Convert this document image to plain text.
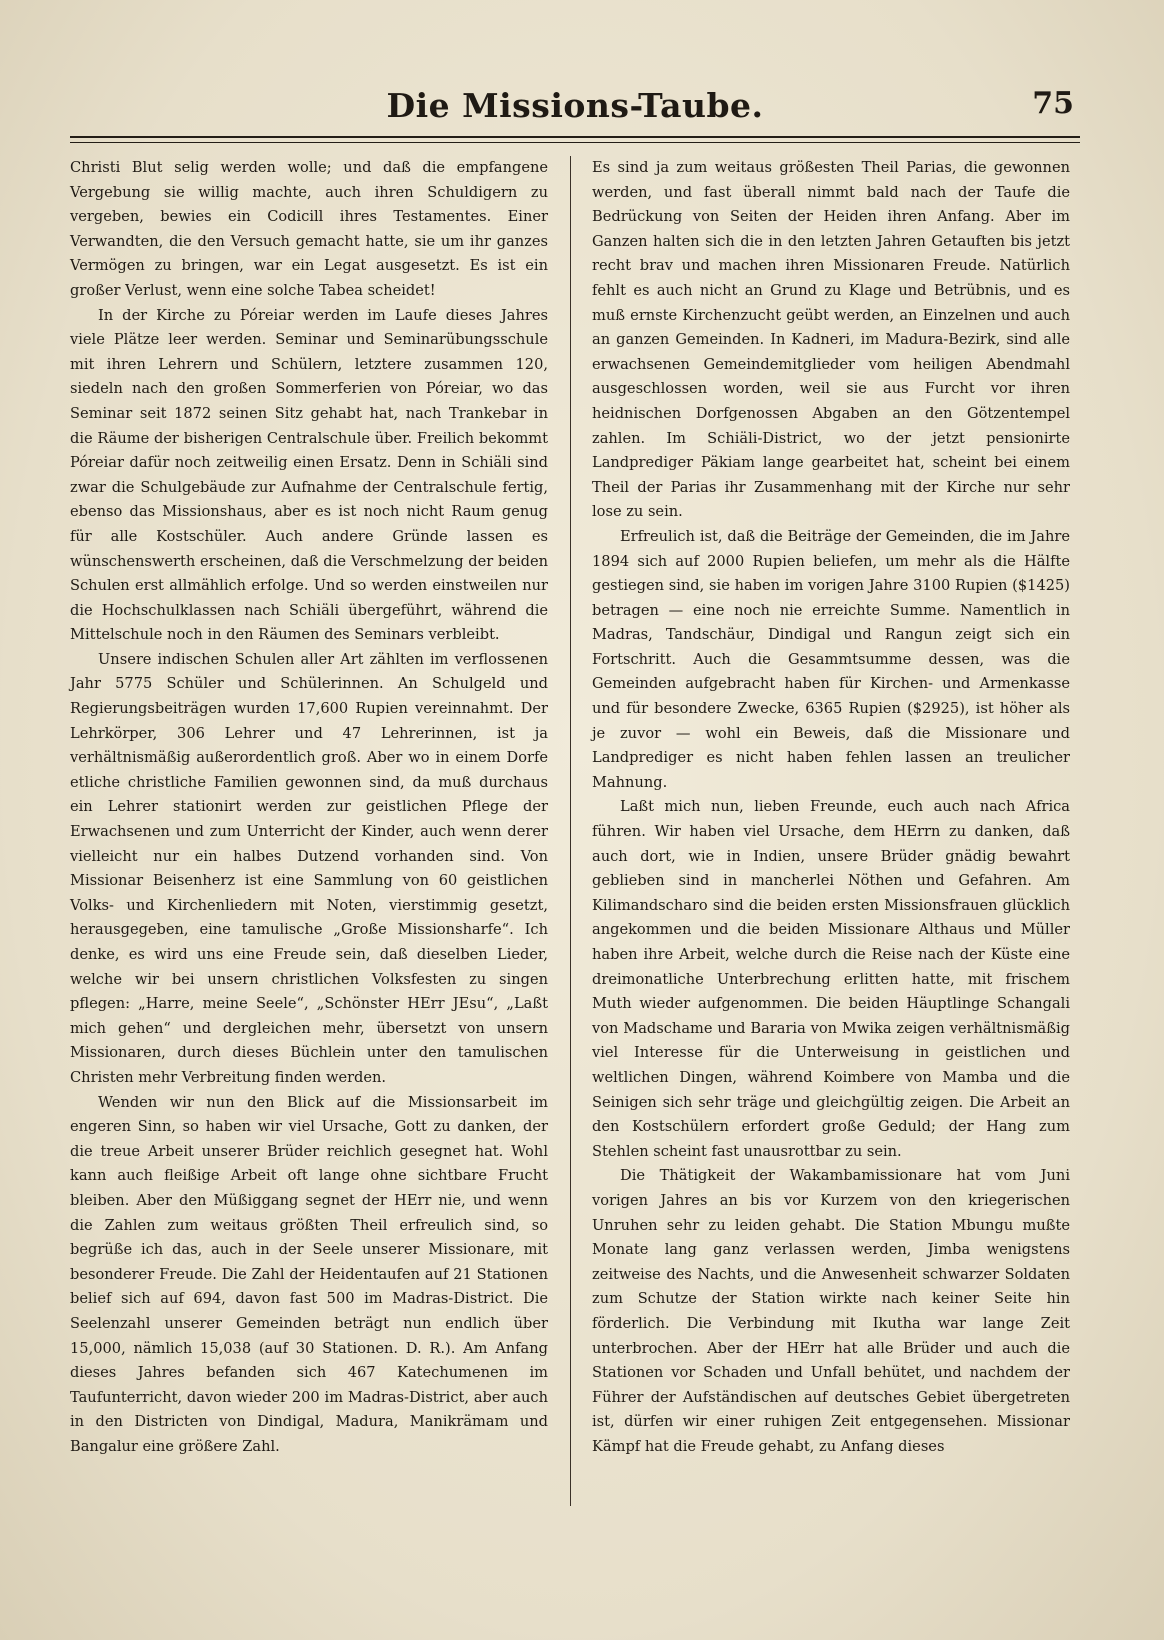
Die Missions-Taube.	75

Christi Blut selig werden wolle; und daß die empfangene Vergebung sie willig machte, auch ihren Schuldigern zu vergeben, bewies ein Codicill ihres Testamentes. Einer Verwandten, die den Versuch gemacht hatte, sie um ihr ganzes Vermögen zu bringen, war ein Legat ausgesetzt. Es ist ein großer Verlust, wenn eine solche Tabea scheidet!

In der Kirche zu Póreiar werden im Laufe dieses Jahres viele Plätze leer werden. Seminar und Seminarübungsschule mit ihren Lehrern und Schülern, letztere zusammen 120, siedeln nach den großen Sommerferien von Póreiar, wo das Seminar seit 1872 seinen Sitz gehabt hat, nach Trankebar in die Räume der bisherigen Centralschule über. Freilich bekommt Póreiar dafür noch zeitweilig einen Ersatz. Denn in Schiäli sind zwar die Schulgebäude zur Aufnahme der Centralschule fertig, ebenso das Missionshaus, aber es ist noch nicht Raum genug für alle Kostschüler. Auch andere Gründe lassen es wünschenswerth erscheinen, daß die Verschmelzung der beiden Schulen erst allmählich erfolge. Und so werden einstweilen nur die Hochschulklassen nach Schiäli übergeführt, während die Mittelschule noch in den Räumen des Seminars verbleibt.

Unsere indischen Schulen aller Art zählten im verflossenen Jahr 5775 Schüler und Schülerinnen. An Schulgeld und Regierungsbeiträgen wurden 17,600 Rupien vereinnahmt. Der Lehrkörper, 306 Lehrer und 47 Lehrerinnen, ist ja verhältnismäßig außerordentlich groß. Aber wo in einem Dorfe etliche christliche Familien gewonnen sind, da muß durchaus ein Lehrer stationirt werden zur geistlichen Pflege der Erwachsenen und zum Unterricht der Kinder, auch wenn derer vielleicht nur ein halbes Dutzend vorhanden sind. Von Missionar Beisenherz ist eine Sammlung von 60 geistlichen Volks- und Kirchenliedern mit Noten, vierstimmig gesetzt, herausgegeben, eine tamulische „Große Missionsharfe“. Ich denke, es wird uns eine Freude sein, daß dieselben Lieder, welche wir bei unsern christlichen Volksfesten zu singen pflegen: „Harre, meine Seele“, „Schönster HErr JEsu“, „Laßt mich gehen“ und dergleichen mehr, übersetzt von unsern Missionaren, durch dieses Büchlein unter den tamulischen Christen mehr Verbreitung finden werden.

Wenden wir nun den Blick auf die Missionsarbeit im engeren Sinn, so haben wir viel Ursache, Gott zu danken, der die treue Arbeit unserer Brüder reichlich gesegnet hat. Wohl kann auch fleißige Arbeit oft lange ohne sichtbare Frucht bleiben. Aber den Müßiggang segnet der HErr nie, und wenn die Zahlen zum weitaus größten Theil erfreulich sind, so begrüße ich das, auch in der Seele unserer Missionare, mit besonderer Freude. Die Zahl der Heidentaufen auf 21 Stationen belief sich auf 694, davon fast 500 im Madras-District. Die Seelenzahl unserer Gemeinden beträgt nun endlich über 15,000, nämlich 15,038 (auf 30 Stationen. D. R.). Am Anfang dieses Jahres befanden sich 467 Katechumenen im Taufunterricht, davon wieder 200 im Madras-District, aber auch in den Districten von Dindigal, Madura, Manikrämam und Bangalur eine größere Zahl.

Es sind ja zum weitaus größesten Theil Parias, die gewonnen werden, und fast überall nimmt bald nach der Taufe die Bedrückung von Seiten der Heiden ihren Anfang. Aber im Ganzen halten sich die in den letzten Jahren Getauften bis jetzt recht brav und machen ihren Missionaren Freude. Natürlich fehlt es auch nicht an Grund zu Klage und Betrübnis, und es muß ernste Kirchenzucht geübt werden, an Einzelnen und auch an ganzen Gemeinden. In Kadneri, im Madura-Bezirk, sind alle erwachsenen Gemeindemitglieder vom heiligen Abendmahl ausgeschlossen worden, weil sie aus Furcht vor ihren heidnischen Dorfgenossen Abgaben an den Götzentempel zahlen. Im Schiäli-District, wo der jetzt pensionirte Landprediger Päkiam lange gearbeitet hat, scheint bei einem Theil der Parias ihr Zusammenhang mit der Kirche nur sehr lose zu sein.

Erfreulich ist, daß die Beiträge der Gemeinden, die im Jahre 1894 sich auf 2000 Rupien beliefen, um mehr als die Hälfte gestiegen sind, sie haben im vorigen Jahre 3100 Rupien ($1425) betragen — eine noch nie erreichte Summe. Namentlich in Madras, Tandschäur, Dindigal und Rangun zeigt sich ein Fortschritt. Auch die Gesammtsumme dessen, was die Gemeinden aufgebracht haben für Kirchen- und Armenkasse und für besondere Zwecke, 6365 Rupien ($2925), ist höher als je zuvor — wohl ein Beweis, daß die Missionare und Landprediger es nicht haben fehlen lassen an treulicher Mahnung.

Laßt mich nun, lieben Freunde, euch auch nach Africa führen. Wir haben viel Ursache, dem HErrn zu danken, daß auch dort, wie in Indien, unsere Brüder gnädig bewahrt geblieben sind in mancherlei Nöthen und Gefahren. Am Kilimandscharo sind die beiden ersten Missionsfrauen glücklich angekommen und die beiden Missionare Althaus und Müller haben ihre Arbeit, welche durch die Reise nach der Küste eine dreimonatliche Unterbrechung erlitten hatte, mit frischem Muth wieder aufgenommen. Die beiden Häuptlinge Schangali von Madschame und Bararia von Mwika zeigen verhältnismäßig viel Interesse für die Unterweisung in geistlichen und weltlichen Dingen, während Koimbere von Mamba und die Seinigen sich sehr träge und gleichgültig zeigen. Die Arbeit an den Kostschülern erfordert große Geduld; der Hang zum Stehlen scheint fast unausrottbar zu sein.

Die Thätigkeit der Wakambamissionare hat vom Juni vorigen Jahres an bis vor Kurzem von den kriegerischen Unruhen sehr zu leiden gehabt. Die Station Mbungu mußte Monate lang ganz verlassen werden, Jimba wenigstens zeitweise des Nachts, und die Anwesenheit schwarzer Soldaten zum Schutze der Station wirkte nach keiner Seite hin förderlich. Die Verbindung mit Ikutha war lange Zeit unterbrochen. Aber der HErr hat alle Brüder und auch die Stationen vor Schaden und Unfall behütet, und nachdem der Führer der Aufständischen auf deutsches Gebiet übergetreten ist, dürfen wir einer ruhigen Zeit entgegensehen. Missionar Kämpf hat die Freude gehabt, zu Anfang dieses
